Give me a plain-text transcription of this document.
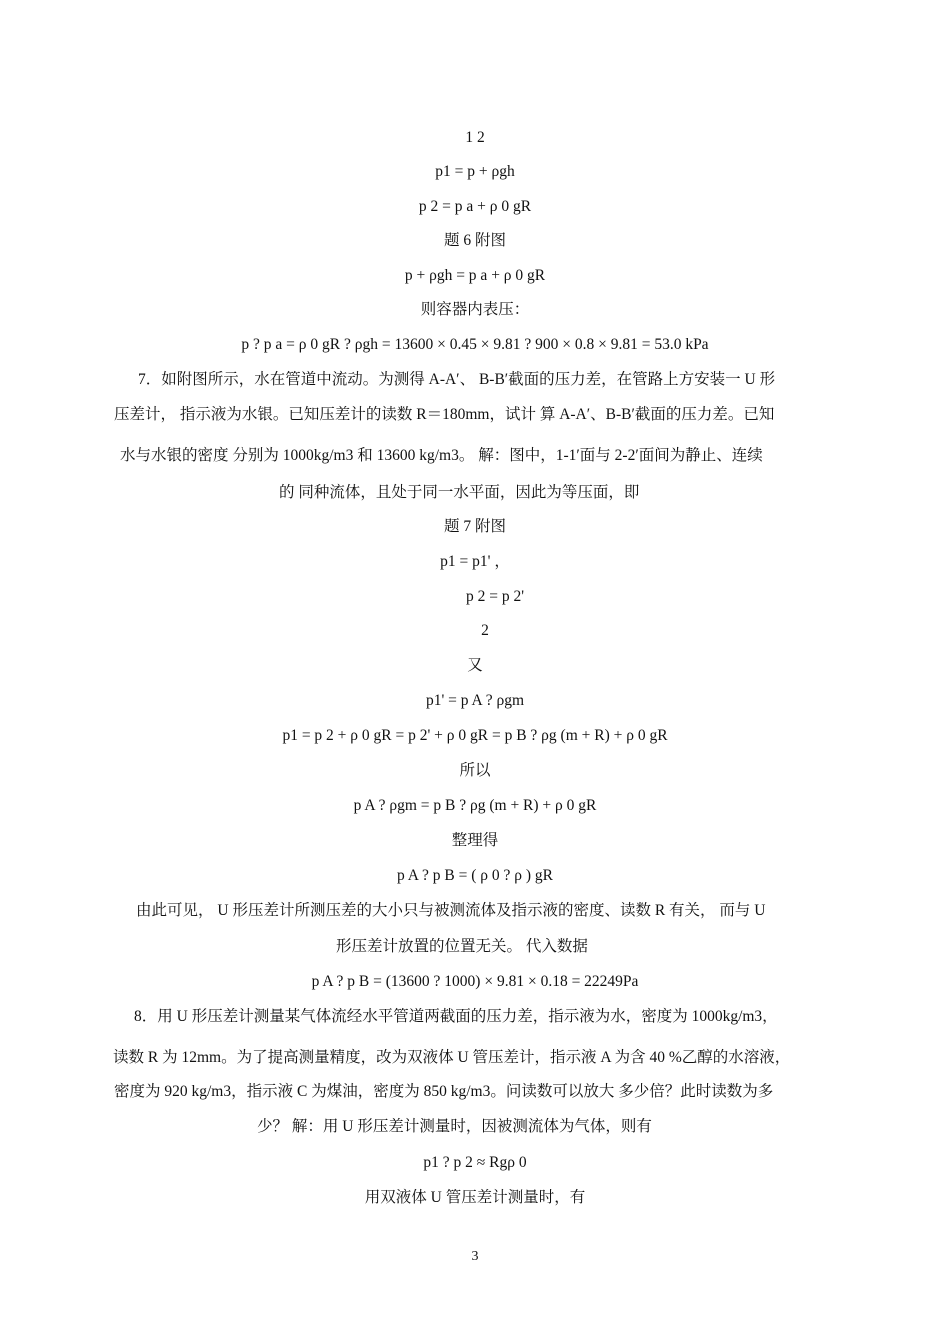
1 2
p1 = p + ρgh
p 2 = p a + ρ 0 gR
题 6 附图
p + ρgh = p a + ρ 0 gR
则容器内表压：
p ? p a = ρ 0 gR ? ρgh = 13600 × 0.45 × 9.81 ? 900 × 0.8 × 9.81 = 53.0 kPa
7．如附图所示，水在管道中流动。为测得 A-A′、 B-B′截面的压力差，在管路上方安装一 U 形
压差计， 指示液为水银。已知压差计的读数 R＝180mm，试计 算 A-A′、B-B′截面的压力差。已知
水与水银的密度 分别为 1000kg/m3 和 13600 kg/m3。 解：图中，1-1′面与 2-2′面间为静止、连续
的 同种流体，且处于同一水平面，因此为等压面，即
题 7 附图
p1 = p1' ，
p 2 = p 2'
2
又
p1' = p A ? ρgm
p1 = p 2 + ρ 0 gR = p 2' + ρ 0 gR = p B ? ρg (m + R) + ρ 0 gR
所以
p A ? ρgm = p B ? ρg (m + R) + ρ 0 gR
整理得
p A ? p B = ( ρ 0 ? ρ ) gR
由此可见， U 形压差计所测压差的大小只与被测流体及指示液的密度、读数 R 有关， 而与 U
形压差计放置的位置无关。 代入数据
p A ? p B = (13600 ? 1000) × 9.81 × 0.18 = 22249Pa
8．用 U 形压差计测量某气体流经水平管道两截面的压力差，指示液为水，密度为 1000kg/m3，
读数 R 为 12mm。为了提高测量精度，改为双液体 U 管压差计，指示液 A 为含 40 %乙醇的水溶液，
密度为 920 kg/m3，指示液 C 为煤油，密度为 850 kg/m3。问读数可以放大 多少倍？此时读数为多
少？ 解：用 U 形压差计测量时，因被测流体为气体，则有
p1 ? p 2 ≈ Rgρ 0
用双液体 U 管压差计测量时，有
3
